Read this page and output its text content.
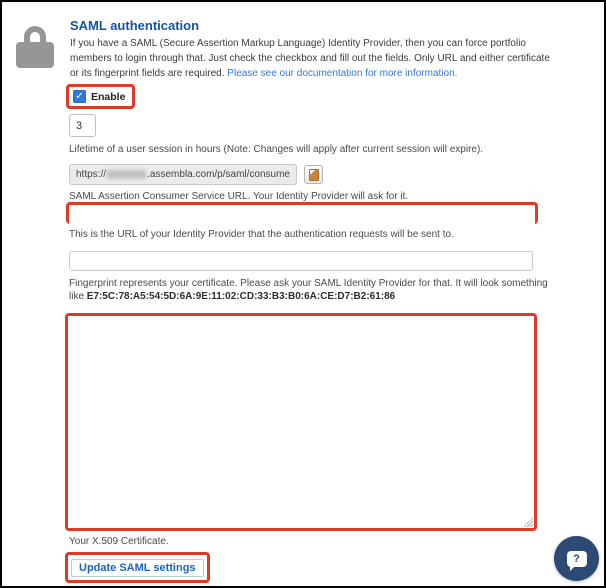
SAML authentication
If you have a SAML (Secure Assertion Markup Language) Identity Provider, then you can force portfolio members to login through that. Just check the checkbox and fill out the fields. Only URL and either certificate or its fingerprint fields are required. Please see our documentation for more information.
✓ Enable
3
Lifetime of a user session in hours (Note: Changes will apply after current session will expire).
https://	.assembla.com/p/saml/consume
SAML Assertion Consumer Service URL. Your Identity Provider will ask for it.
This is the URL of your Identity Provider that the authentication requests will be sent to.
Fingerprint represents your certificate. Please ask your SAML Identity Provider for that. It will look something like E7:5C:78:A5:54:5D:6A:9E:11:02:CD:33:B3:B0:6A:CE:D7:B2:61:86
Your X.509 Certificate.
Update SAML settings
?
